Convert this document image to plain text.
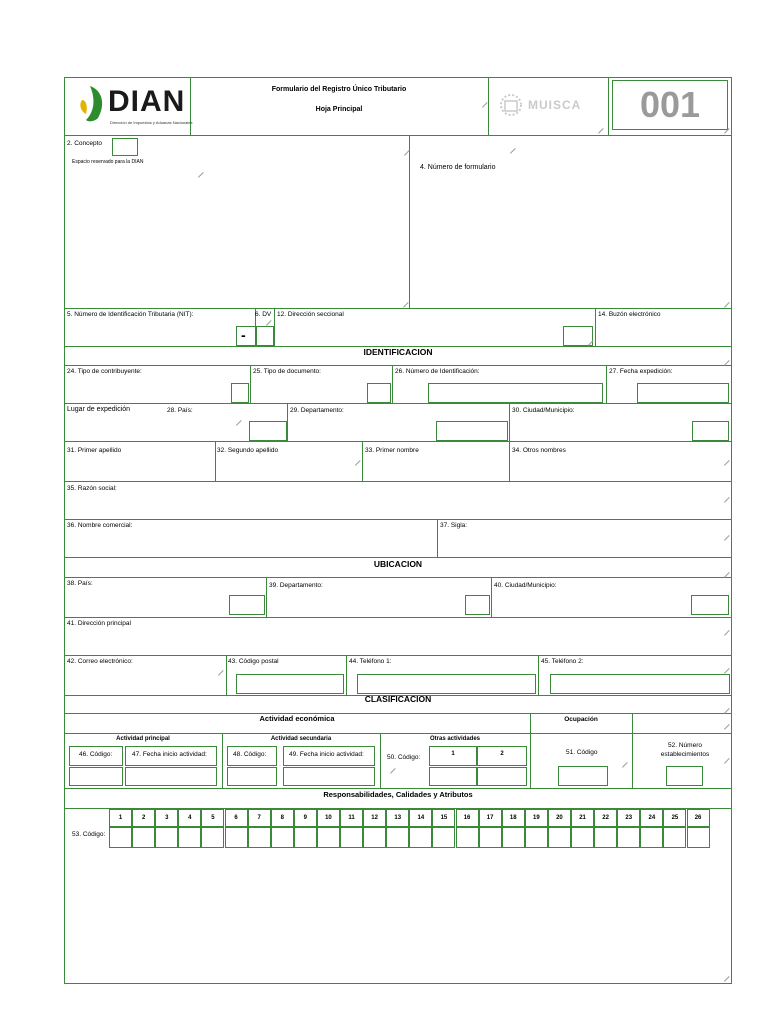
DIAN
Dirección de Impuestos y Aduanas Nacionales
Formulario del Registro Único Tributario
Hoja Principal	MUISCA	001
2. Concepto
Espacio reservado para la DIAN
4. Número de formulario
5. Número de Identificación Tributaria (NIT):	6. DV
-
12. Dirección seccional	14. Buzón electrónico
IDENTIFICACION
24. Tipo de contribuyente:	25. Tipo de documento:	26. Número de Identificación:	27. Fecha expedición:
Lugar de expedición	28. País:	29. Departamento:	30. Ciudad/Municipio:
31. Primer apellido	32. Segundo apellido	33. Primer nombre	34. Otros nombres
35. Razón social:
36. Nombre comercial:	37. Sigla:
UBICACION
38. País:	39. Departamento:	40. Ciudad/Municipio:
41. Dirección principal
42. Correo electrónico:	43. Código postal	44. Teléfono 1:	45. Teléfono 2:
CLASIFICACION
Actividad económica	Ocupación
Actividad principal	Actividad secundaria	Otras actividades
46. Código:	47. Fecha inicio actividad:	48. Código:	49. Fecha inicio actividad:	50. Código:	1	2	51. Código
52. Número establecimientos
Responsabilidades, Calidades y Atributos
53. Código:
1	2	3	4	5	6	7	8	9	10	11	12	13	14	15	16	17	18	19	20	21	22	23	24	25	26
